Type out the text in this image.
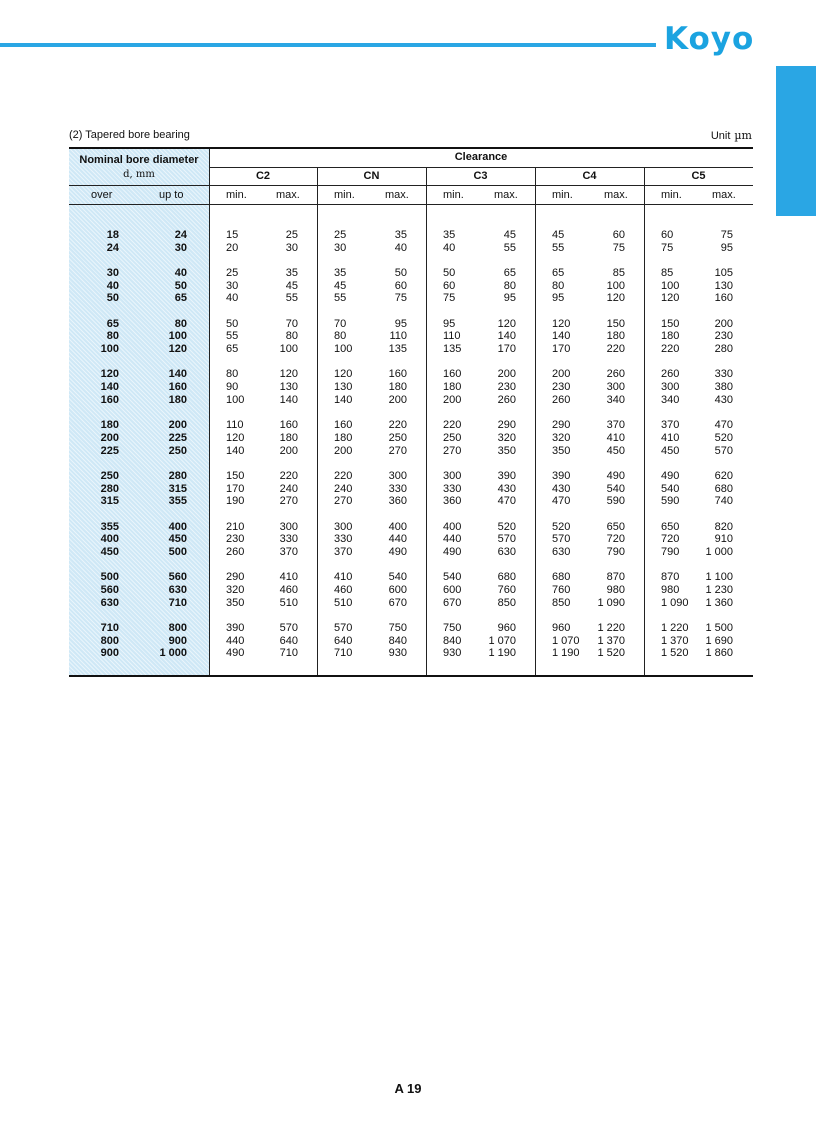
Koyo
(2) Tapered bore bearing	Unit µm
Nominal bore diameter
d, mm
Clearance
C2	CN	C3	C4	C5
over	up to	min.	max.	min.	max.	min.	max.	min.	max.	min.	max.
18	24	15	25	25	35	35	45	45	60	60	75
24	30	20	30	30	40	40	55	55	75	75	95
30	40	25	35	35	50	50	65	65	85	85	105
40	50	30	45	45	60	60	80	80	100	100	130
50	65	40	55	55	75	75	95	95	120	120	160
65	80	50	70	70	95	95	120	120	150	150	200
80	100	55	80	80	110	110	140	140	180	180	230
100	120	65	100	100	135	135	170	170	220	220	280
120	140	80	120	120	160	160	200	200	260	260	330
140	160	90	130	130	180	180	230	230	300	300	380
160	180	100	140	140	200	200	260	260	340	340	430
180	200	110	160	160	220	220	290	290	370	370	470
200	225	120	180	180	250	250	320	320	410	410	520
225	250	140	200	200	270	270	350	350	450	450	570
250	280	150	220	220	300	300	390	390	490	490	620
280	315	170	240	240	330	330	430	430	540	540	680
315	355	190	270	270	360	360	470	470	590	590	740
355	400	210	300	300	400	400	520	520	650	650	820
400	450	230	330	330	440	440	570	570	720	720	910
450	500	260	370	370	490	490	630	630	790	790	1 000
500	560	290	410	410	540	540	680	680	870	870	1 100
560	630	320	460	460	600	600	760	760	980	980	1 230
630	710	350	510	510	670	670	850	850	1 090	1 090	1 360
710	800	390	570	570	750	750	960	960	1 220	1 220	1 500
800	900	440	640	640	840	840	1 070	1 070	1 370	1 370	1 690
900	1 000	490	710	710	930	930	1 190	1 190	1 520	1 520	1 860
A 19
